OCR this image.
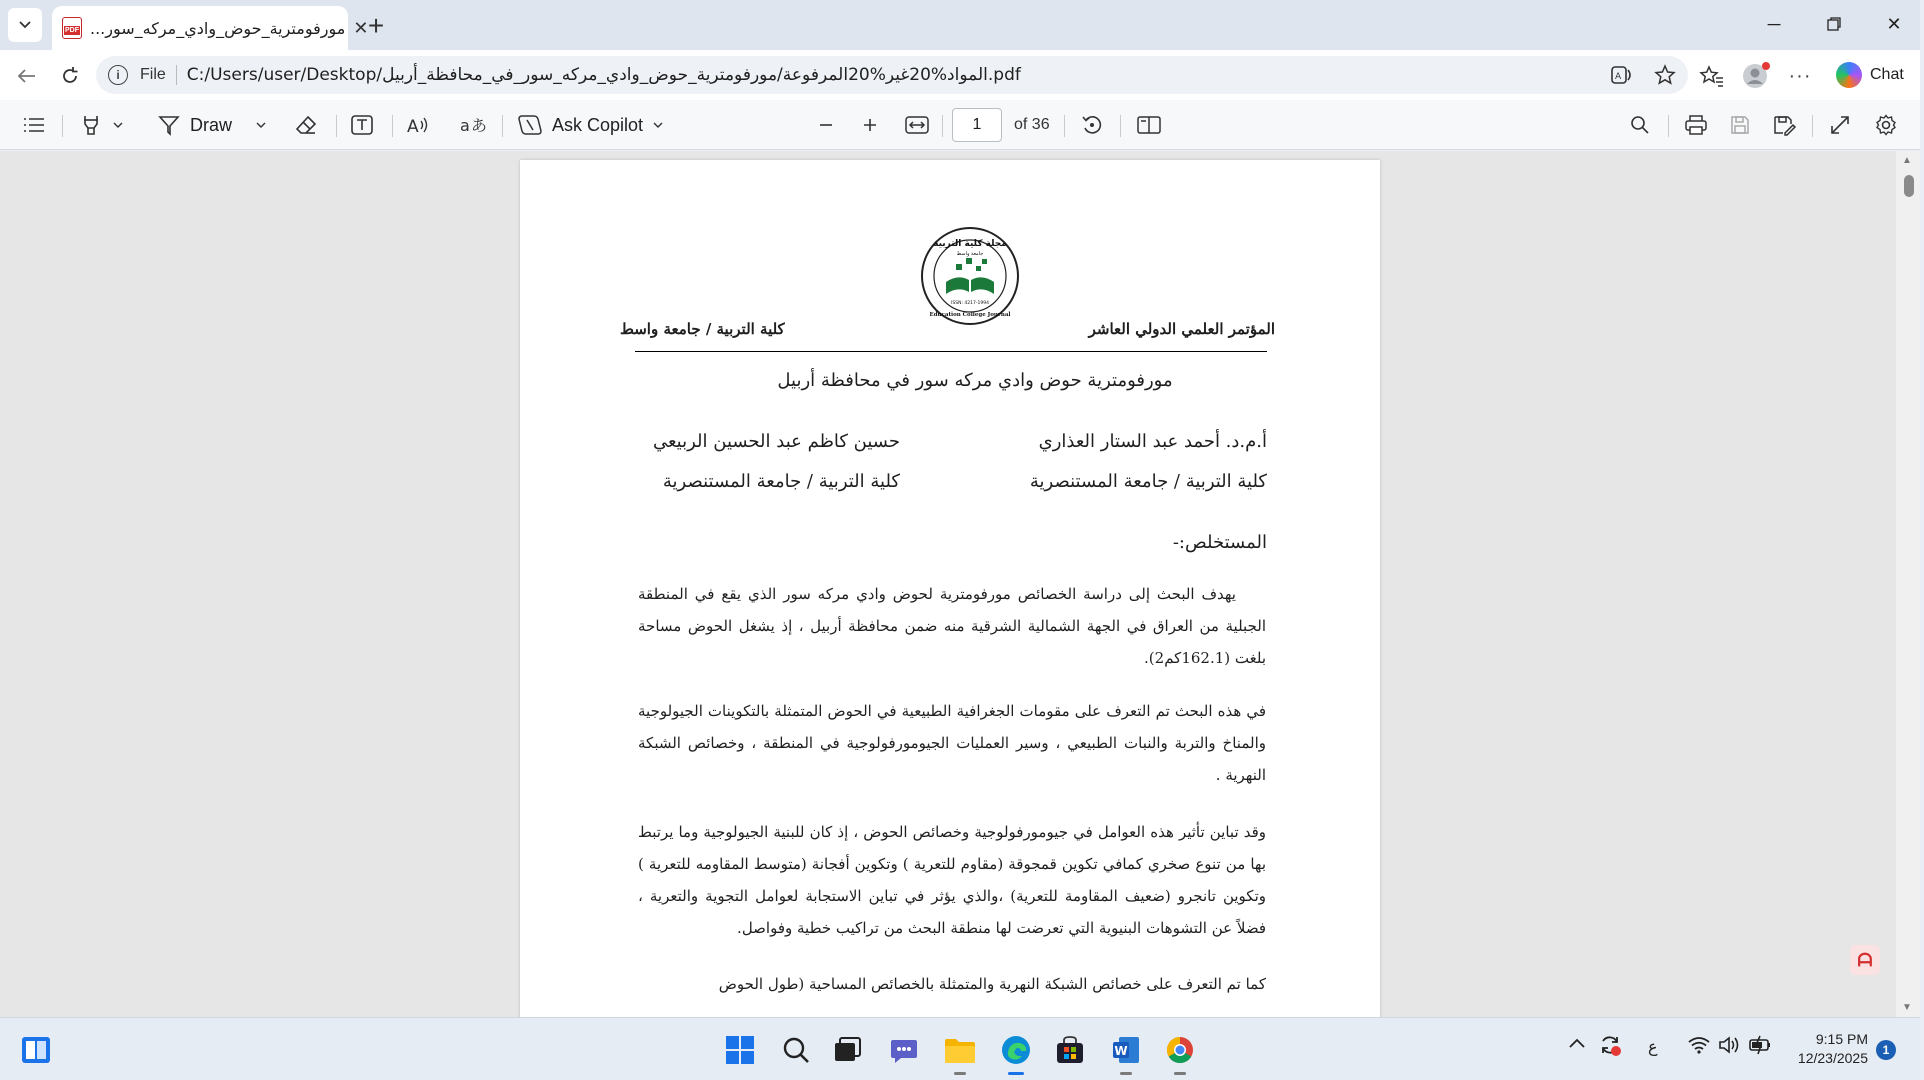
PDF مورفومترية_حوض_وادي_مركه_سور... ✕ +	─	✕
i	File C:/Users/user/Desktop/المواد%20غير%20المرفوعة/مورفومترية_حوض_وادي_مركه_سور_في_محافظة_أربيل.pdf	A	···	Chat
Draw	A	a あ	Ask Copilot	1	of 36
مجلة كلية التربية
جامعة واسط
ISSN: 4217-1994
Education College Journal
المؤتمر العلمي الدولي العاشر
كلية التربية / جامعة واسط
مورفومترية حوض وادي مركه سور في محافظة أربيل
أ.م.د. أحمد عبد الستار العذاري
كلية التربية / جامعة المستنصرية
حسين كاظم عبد الحسين الربيعي
كلية التربية / جامعة المستنصرية
المستخلص:-

يهدف البحث إلى دراسة الخصائص مورفومترية لحوض وادي مركه سور الذي يقع في المنطقة الجبلية من العراق في الجهة الشمالية الشرقية منه ضمن محافظة أربيل ، إذ يشغل الحوض مساحة بلغت (162.1كم2).

في هذه البحث تم التعرف على مقومات الجغرافية الطبيعية في الحوض المتمثلة بالتكوينات الجيولوجية والمناخ والتربة والنبات الطبيعي ، وسير العمليات الجيومورفولوجية في المنطقة ، وخصائص الشبكة النهرية .

وقد تباين تأثير هذه العوامل في جيومورفولوجية وخصائص الحوض ، إذ كان للبنية الجيولوجية وما يرتبط بها من تنوع صخري كمافي تكوين قمجوقة (مقاوم للتعرية ) وتكوين أفجانة (متوسط المقاومه للتعرية ) وتكوين تانجرو (ضعيف المقاومة للتعرية) ،والذي يؤثر في تباين الاستجابة لعوامل التجوية والتعرية ، فضلاً عن التشوهات البنيوية التي تعرضت لها منطقة البحث من تراكيب خطية وفواصل.

كما تم التعرف على خصائص الشبكة النهرية والمتمثلة بالخصائص المساحية (طول الحوض

▲
▼
ᗩ
W	ع	9:15 PM
12/23/2025	1
